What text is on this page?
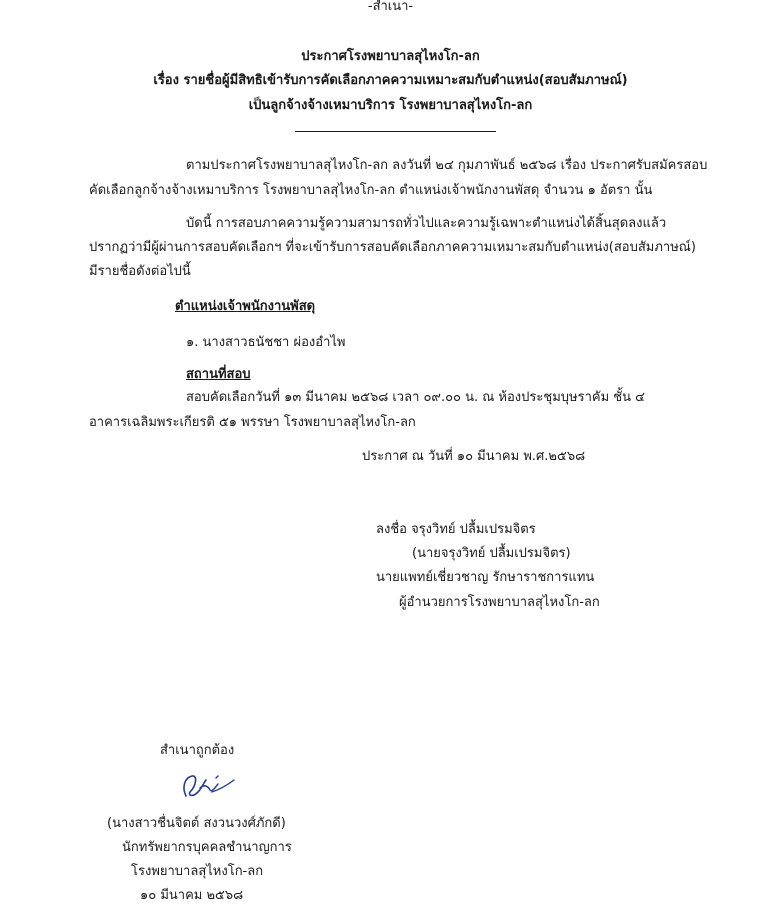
-สำเนา-
ประกาศโรงพยาบาลสุไหงโก-ลก
เรื่อง รายชื่อผู้มีสิทธิเข้ารับการคัดเลือกภาคความเหมาะสมกับตำแหน่ง(สอบสัมภาษณ์)
เป็นลูกจ้างจ้างเหมาบริการ โรงพยาบาลสุไหงโก-ลก
ตามประกาศโรงพยาบาลสุไหงโก-ลก ลงวันที่ ๒๔ กุมภาพันธ์ ๒๕๖๘ เรื่อง ประกาศรับสมัครสอบ
คัดเลือกลูกจ้างจ้างเหมาบริการ โรงพยาบาลสุไหงโก-ลก ตำแหน่งเจ้าพนักงานพัสดุ จำนวน ๑ อัตรา นั้น
บัดนี้ การสอบภาคความรู้ความสามารถทั่วไปและความรู้เฉพาะตำแหน่งได้สิ้นสุดลงแล้ว
ปรากฏว่ามีผู้ผ่านการสอบคัดเลือกฯ ที่จะเข้ารับการสอบคัดเลือกภาคความเหมาะสมกับตำแหน่ง(สอบสัมภาษณ์)
มีรายชื่อดังต่อไปนี้
ตำแหน่งเจ้าพนักงานพัสดุ
๑. นางสาวธนัชชา ผ่องอำไพ
สถานที่สอบ
สอบคัดเลือกวันที่ ๑๓ มีนาคม ๒๕๖๘ เวลา ๐๙.๐๐ น. ณ ห้องประชุมบุษราคัม ชั้น ๔
อาคารเฉลิมพระเกียรติ ๕๑ พรรษา โรงพยาบาลสุไหงโก-ลก
ประกาศ ณ วันที่ ๑๐ มีนาคม พ.ศ.๒๕๖๘
ลงชื่อ จรุงวิทย์ ปลื้มเปรมจิตร
(นายจรุงวิทย์ ปลื้มเปรมจิตร)
นายแพทย์เชี่ยวชาญ รักษาราชการแทน
ผู้อำนวยการโรงพยาบาลสุไหงโก-ลก
สำเนาถูกต้อง
(นางสาวชื่นจิตต์ สงวนวงศ์ภักดี)
นักทรัพยากรบุคคลชำนาญการ
โรงพยาบาลสุไหงโก-ลก
๑๐ มีนาคม ๒๕๖๘
